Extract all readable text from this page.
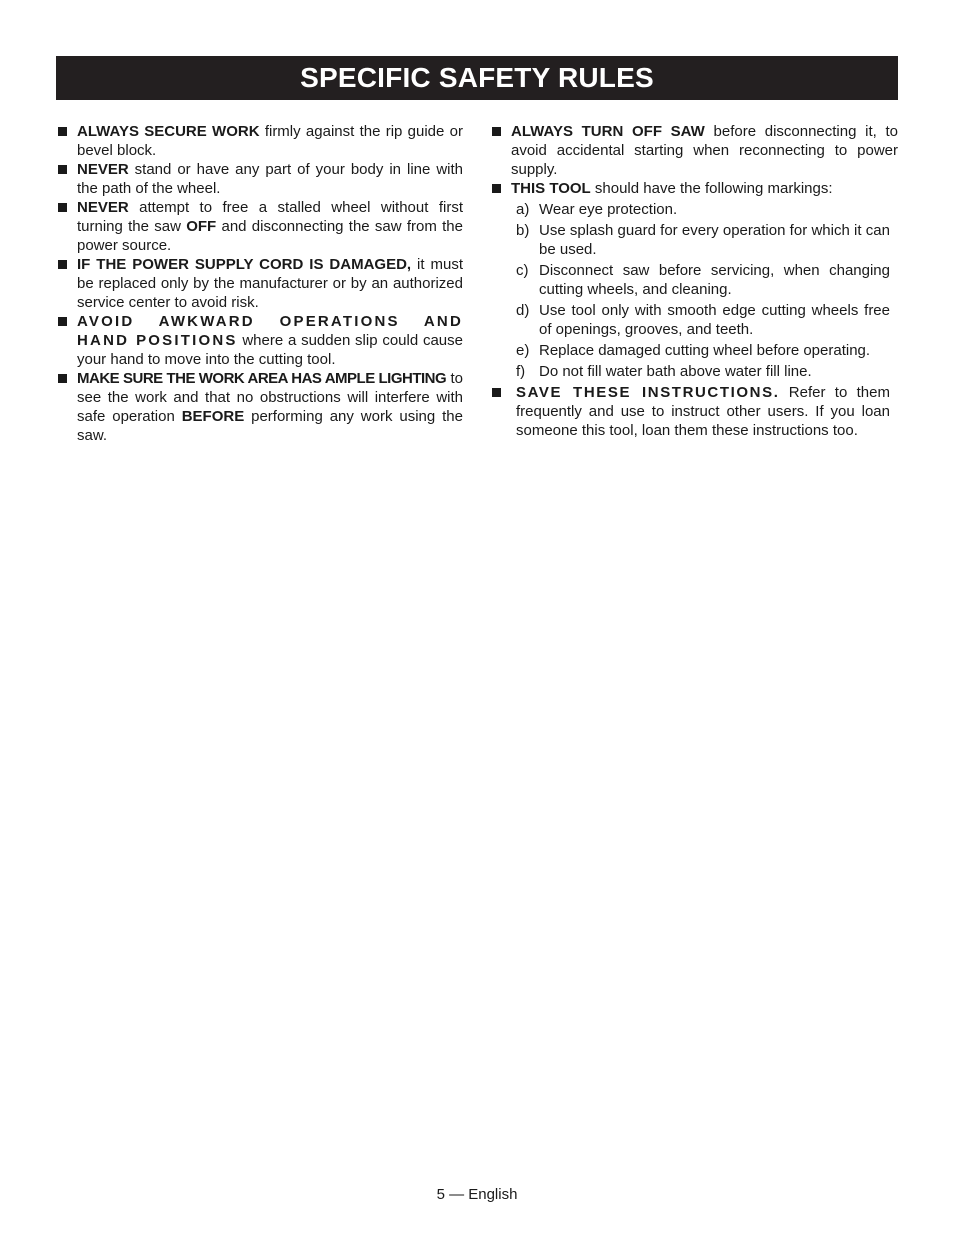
SPECIFIC SAFETY RULES
ALWAYS SECURE WORK firmly against the rip guide or bevel block.
NEVER stand or have any part of your body in line with the path of the wheel.
NEVER attempt to free a stalled wheel without first turning the saw OFF and disconnecting the saw from the power source.
IF THE POWER SUPPLY CORD IS DAMAGED, it must be replaced only by the manufacturer or by an authorized service center to avoid risk.
AVOID AWKWARD OPERATIONS AND HAND POSITIONS where a sudden slip could cause your hand to move into the cutting tool.
MAKE SURE THE WORK AREA HAS AMPLE LIGHTING to see the work and that no obstructions will interfere with safe operation BEFORE performing any work using the saw.
ALWAYS TURN OFF SAW before disconnecting it, to avoid accidental starting when reconnecting to power supply.
THIS TOOL should have the following markings:
a) Wear eye protection.
b) Use splash guard for every operation for which it can be used.
c) Disconnect saw before servicing, when changing cutting wheels, and cleaning.
d) Use tool only with smooth edge cutting wheels free of openings, grooves, and teeth.
e) Replace damaged cutting wheel before operating.
f) Do not fill water bath above water fill line.
SAVE THESE INSTRUCTIONS. Refer to them frequently and use to instruct other users. If you loan someone this tool, loan them these instructions too.
5 — English
